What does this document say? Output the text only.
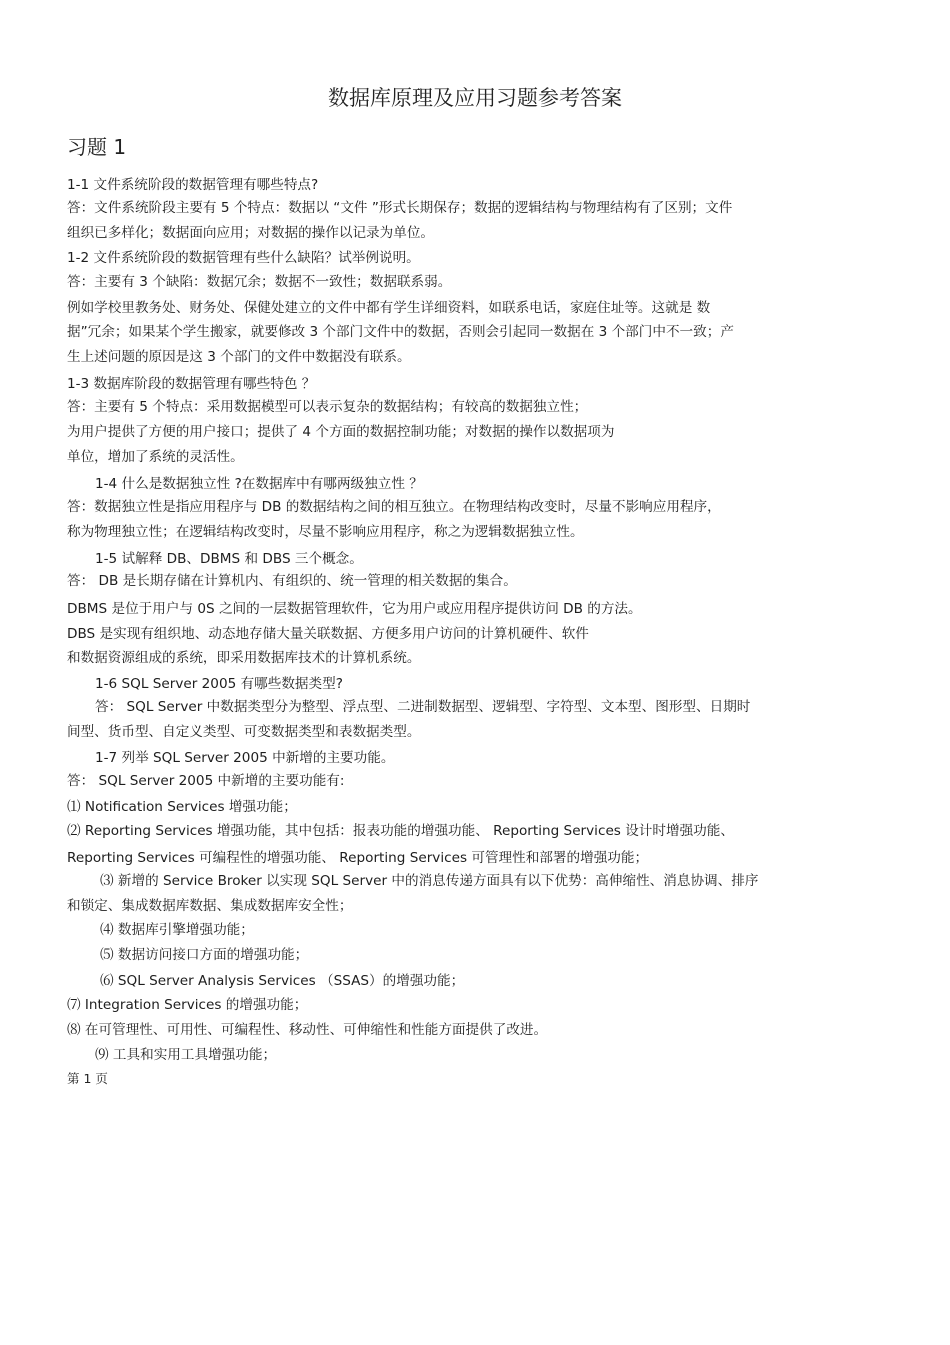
数据库原理及应用习题参考答案
习题 1
1-1 文件系统阶段的数据管理有哪些特点?
答：文件系统阶段主要有 5 个特点：数据以 “文件 ”形式长期保存；数据的逻辑结构与物理结构有了区别；文件
组织已多样化；数据面向应用；对数据的操作以记录为单位。
1-2 文件系统阶段的数据管理有些什么缺陷？试举例说明。
答：主要有 3 个缺陷：数据冗余；数据不一致性；数据联系弱。
例如学校里教务处、财务处、保健处建立的文件中都有学生详细资料，如联系电话，家庭住址等。这就是 数
据”冗余；如果某个学生搬家，就要修改 3 个部门文件中的数据，否则会引起同一数据在 3 个部门中不一致；产
生上述问题的原因是这 3 个部门的文件中数据没有联系。
1-3 数据库阶段的数据管理有哪些特色 ？
答：主要有 5 个特点：采用数据模型可以表示复杂的数据结构；有较高的数据独立性；
为用户提供了方便的用户接口；提供了 4 个方面的数据控制功能；对数据的操作以数据项为
单位，增加了系统的灵活性。
1-4 什么是数据独立性 ?在数据库中有哪两级独立性 ？
答：数据独立性是指应用程序与 DB 的数据结构之间的相互独立。在物理结构改变时，尽量不影响应用程序，
称为物理独立性；在逻辑结构改变时，尽量不影响应用程序，称之为逻辑数据独立性。
1-5 试解释 DB、DBMS 和 DBS 三个概念。
答： DB 是长期存储在计算机内、有组织的、统一管理的相关数据的集合。
DBMS 是位于用户与 0S 之间的一层数据管理软件，它为用户或应用程序提供访问 DB 的方法。
DBS 是实现有组织地、动态地存储大量关联数据、方便多用户访问的计算机硬件、软件
和数据资源组成的系统，即采用数据库技术的计算机系统。
1-6 SQL Server 2005 有哪些数据类型?
答： SQL Server 中数据类型分为整型、浮点型、二进制数据型、逻辑型、字符型、文本型、图形型、日期时
间型、货币型、自定义类型、可变数据类型和表数据类型。
1-7 列举 SQL Server 2005 中新增的主要功能。
答： SQL Server 2005 中新增的主要功能有:
⑴ Notification Services 增强功能；
⑵ Reporting Services 增强功能，其中包括：报表功能的增强功能、 Reporting Services 设计时增强功能、
Reporting Services 可编程性的增强功能、 Reporting Services 可管理性和部署的增强功能；
⑶ 新增的 Service Broker 以实现 SQL Server 中的消息传递方面具有以下优势：高伸缩性、消息协调、排序
和锁定、集成数据库数据、集成数据库安全性；
⑷ 数据库引擎增强功能；
⑸ 数据访问接口方面的增强功能；
⑹ SQL Server Analysis Services （SSAS）的增强功能；
⑺ Integration Services 的增强功能；
⑻ 在可管理性、可用性、可编程性、移动性、可伸缩性和性能方面提供了改进。
⑼ 工具和实用工具增强功能；
第 1 页
